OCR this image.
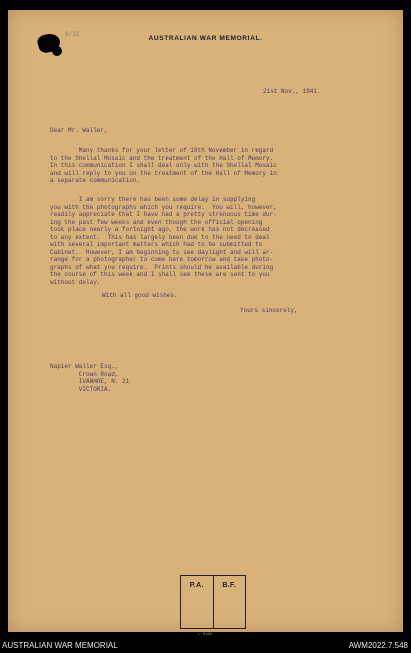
8/32
AUSTRALIAN WAR MEMORIAL.
21st Nov., 1941.
Dear Mr. Waller,
Many thanks for your letter of 18th November in regard
to the Shellal Mosaic and the treatment of the Hall of Memory.
In this communication I shall deal only with the Shellal Mosaic
and will reply to you on the treatment of the Hall of Memory in
a separate communication.
I am sorry there has been some delay in supplying
you with the photographs which you require.  You will, however,
readily appreciate that I have had a pretty strenuous time dur-
ing the past few weeks and even though the official opening
took place nearly a fortnight ago, the work has not decreased
to any extent.  This has largely been due to the need to deal
with several important matters which had to be submitted to
Cabinet.  However, I am beginning to see daylight and will ar-
range for a photographer to come here tomorrow and take photo-
graphs of what you require.  Prints should be available during
the course of this week and I shall see these are sent to you
without delay.
With all good wishes.
Yours sincerely,
Napier Waller Esq.,
Crown Road,
IVANHOE, N. 21
VICTORIA.
P.A.	B.F.
L.8888
AUSTRALIAN WAR MEMORIAL	AWM2022.7.548
